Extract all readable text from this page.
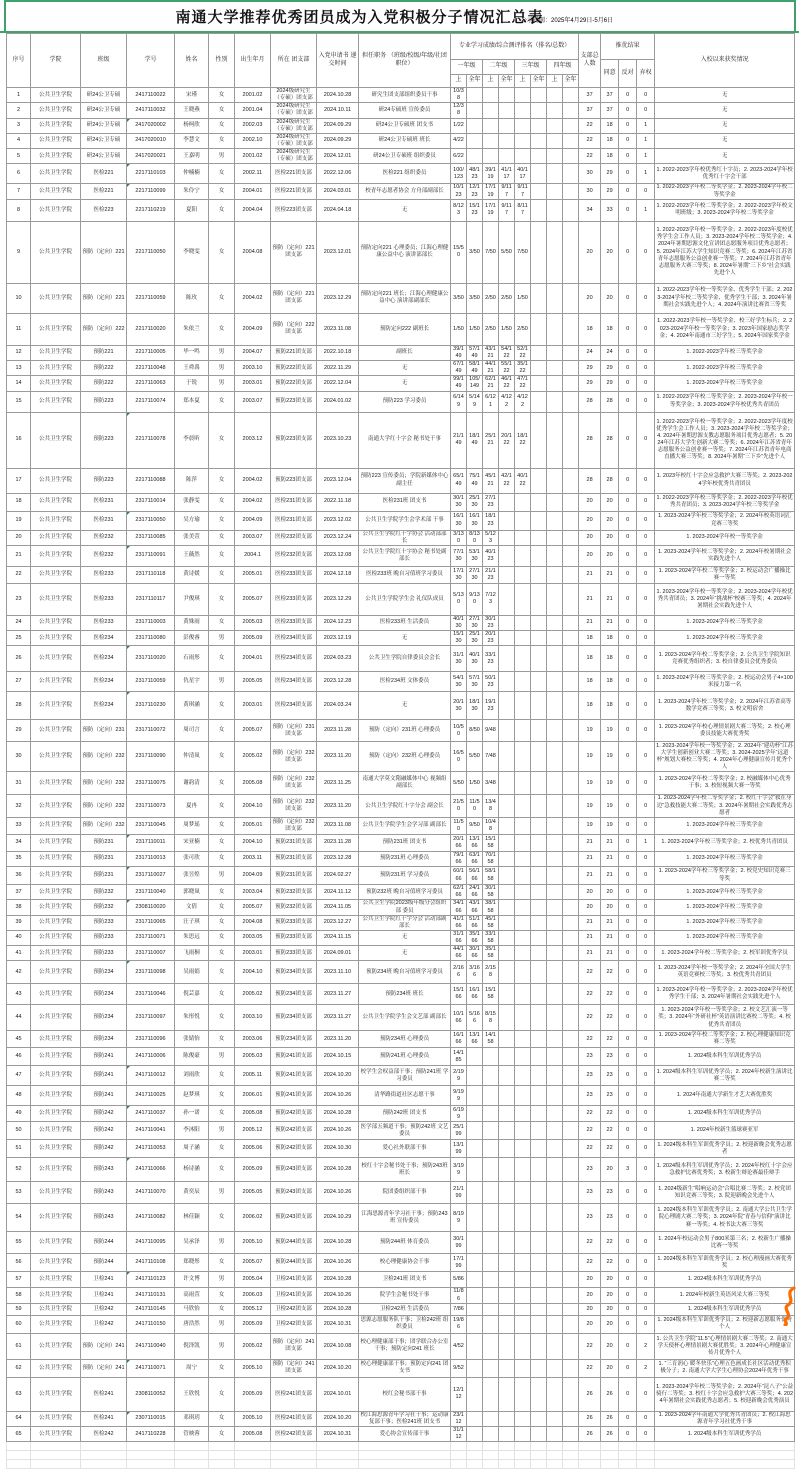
南通大学推荐优秀团员成为入党积极分子情况汇总表
公示时间：2025年4月29日-5月6日
序号	学院	班级	学号	姓名	性别	出生年月	所在 团支部	入党申请书 递交时间	担任职务 （班级/校级/年级/社团 职位）	专业学习成绩/综合测评排名（排名/总数）								支部总 人数	推优结果			入校以来获奖情况
										一年级		二年级		三年级		四年级			同意	反对	弃权	
										上	全年	上	全年	上	全年	上	全年					
1	公共卫生学院	研24公卫专硕	2417110022	宋瑾	女	2001.02	2024级研究生（专硕）团支部	2024.10.28	研究生团支部组织委员干事	10/38								37	37	0	0	无
2	公共卫生学院	研24公卫专硕	2417110032	王晓燕	女	2001.04	2024级研究生（专硕）团支部	2024.10.11	研24专硕班 宣传委员	12/38								37	37	0	0	无
3	公共卫生学院	研24公卫专硕	2417020002	杨柯欣	女	2002.03	2024级研究生（专硕）团支部	2024.09.29	研24公卫专硕班 团支书	1/22								22	18	0	1	无
4	公共卫生学院	研24公卫专硕	2417020010	李慧文	女	2002.10	2024级研究生（专硕）团支部	2024.09.29	研24公卫专硕班 班长	4/22								22	18	0	1	无
5	公共卫生学院	研24公卫专硕	2417020021	王嘉明	男	2001.02	2024级研究生（专硕）团支部	2024.12.01	研24公卫专硕班 组织委员	6/22								22	18	0	1	无
6	公共卫生学院	医检221	2217110103	仲楠楠	女	2002.11	医检221团支部	2022.12.06	医检221 组织委员	100/123	48/123	39/119	41/117	40/117				30	29	0	1	1. 2022-2023学年校优秀红十字员；2. 2023-2024学年校优秀红十字会干部
7	公共卫生学院	医检221	2217110099	朱伶宁	女	2004.01	医检221团支部	2024.03.01	校青年志愿者协会 方舟部副部长	10/123	12/123	17/119	9/117	9/117				30	29	0	0	1. 2022-2023学年校二等奖学金；2. 2023-2024学年校二等奖学金
8	公共卫生学院	医检223	2217110219	夏阳	女	2004.04	医检223团支部	2024.04.18	无	8/123	15/123	17/119	9/117	8/117				34	33	0	1	1. 2022-2023学年校二等奖学金；2. 2022-2023学年校文明班级；3. 2023-2024学年校二等奖学金
9	公共卫生学院	预防（定向）221	2217110050	李晓雯	女	2004.08	预防（定向）221团支部	2023.12.01	预防定向221 心理委员；江海心理健康公益中心 演讲部部长	15/50	3/50	7/50	5/50	7/50				20	20	0	0	1. 2022-2023学年校一等奖学金；2. 2022-2023年度校优秀学生会工作人员；3. 2023-2024学年校二等奖学金；4. 2024年暑期思源文化宣讲团志愿服务项目优秀志愿者；5. 2024年江苏大学生知识竞赛二等奖；6. 2024年江苏省青年志愿服务公益创业赛一等奖；7. 2024年江苏省青年志愿服务大赛三等奖；8. 2024年暑期“三下乡”社会实践先进个人
10	公共卫生学院	预防（定向）221	2217110059	陈玫	女	2004.02	预防（定向）221团支部	2023.12.29	预防定向221 班长；江海心理健康公益中心 演讲部副部长	3/50	3/50	2/50	2/50	1/50				20	20	0	0	1. 2022-2023学年校一等奖学金、优秀学生干部；2. 2023-2024学年校二等奖学金、优秀学生干部；3. 2024年暑期社会实践先进个人；4. 2024年演讲比赛省三等奖
11	公共卫生学院	预防（定向）222	2217110020	朱依兰	女	2004.09	预防（定向）222团支部	2023.11.08	预防定向222 副班长	1/50	1/50	2/50	1/50	2/50				18	18	0	0	1. 2022-2023学年校一等奖学金、校三好学生标兵；2. 2023-2024学年校一等奖学金；3. 2023年国家励志奖学金；4. 2024年南通市三好学生；5. 2024年国家奖学金
12	公共卫生学院	预防221	2217110005	毕一鸣	男	2004.07	预防221团支部	2022.10.18	副班长	39/149	57/149	43/121	54/122	52/122				24	24	0	0	1. 2022-2023学年校三等奖学金
13	公共卫生学院	预防222	2217110048	王舜禹	男	2003.10	预防222团支部	2022.11.29	无	67/149	58/149	44/121	55/122	35/122				29	29	0	0	1. 2022-2023学年校三等奖学金
14	公共卫生学院	预防222	2217110063	于锐	男	2003.01	预防222团支部	2022.12.04	无	99/149	105/149	62/121	46/122	47/122				29	29	0	0	1. 2023-2024学年校三等奖学金
15	公共卫生学院	预防223	2217110074	郑本夏	女	2003.07	预防223团支部	2024.01.02	预防223 学习委员	6/149	5/149	6/121	4/122	4/122				28	28	0	0	1. 2022-2023学年校二等奖学金；2. 2023-2024学年校一等奖学金；3. 2023-2024学年校优秀共青团员
16	公共卫生学院	预防223	2217110078	李晨昕	女	2003.12	预防223团支部	2023.10.23	南通大学红十字会 秘书处干事	21/149	18/149	25/121	20/122	18/122				28	28	0	0	1. 2022-2023学年校一等奖学金；2. 2022-2023学年度校优秀学生会工作人员；3. 2023-2024学年校二等奖学金；4. 2024年暑期思源支教志愿服务项目优秀志愿者；5. 2024年江苏大学生创新大赛二等奖；6. 2024年江苏省青年志愿服务公益创业赛一等奖；7. 2024年江苏省青年电商直播大赛三等奖；8. 2024年暑期“三下乡”先进个人
17	公共卫生学院	预防223	2217110088	陈萍	女	2004.02	预防223团支部	2023.12.04	预防223 宣传委员；学院新媒体中心 副主任	65/149	75/149	45/121	42/122	40/122				28	28	0	0	1. 2023年校红十字会应急救护大赛三等奖；2. 2023-2024学年校优秀共青团员
18	公共卫生学院	医检231	2317110014	张静雯	女	2004.02	医检231团支部	2022.11.18	医检231班 团支书	30/130	25/130	27/123						20	20	0	0	1. 2022-2023学年校三等奖学金；2. 2022-2023学年校优秀共青团员；3. 2023-2024学年校三等奖学金
19	公共卫生学院	医检231	2317110050	吴方瑜	女	2004.09	医检231团支部	2023.12.02	公共卫生学院学生会学术部 干事	16/130	16/130	18/123						20	20	0	0	1. 2023-2024学年校三等奖学金；2. 2024年校英语词汇竞赛三等奖
20	公共卫生学院	医检232	2317110085	张美萱	女	2003.07	医检232团支部	2023.12.24	公共卫生学院红十字协会 活动部部长	3/130	8/130	5/123						20	20	0	0	1. 2023-2024学年校一等奖学金
21	公共卫生学院	医检232	2317110091	王薇然	女	2004.1	医检232团支部	2023.12.08	公共卫生学院红十字协会 秘书处副部长	77/130	53/130	40/123						20	20	0	0	1. 2023-2024学年校二等奖学金；2. 2024年校暑期社会实践先进个人
22	公共卫生学院	医检233	2317110118	黄诗媛	女	2005.01	医检233团支部	2024.12.18	医检233班 晚自习值班学习委员	17/130	27/130	21/123						21	21	0	0	1. 2023-2024学年校二等奖学金；2. 校运动会广播操比赛一等奖
23	公共卫生学院	医检233	2317110117	尹俊琪	女	2005.07	医检233团支部	2023.12.29	公共卫生学院学生会 礼仪队成员	5/130	9/130	7/123						21	21	0	0	1. 2023-2024学年校一等奖学金；2. 2023-2024学年校优秀共青团员；3. 2024年“挑战杯”校赛三等奖；4. 2024年暑期社会实践先进个人
24	公共卫生学院	医检233	2317110003	黄姝雨	女	2005.03	医检233团支部	2024.12.23	医检233班 生活委员	40/130	27/130	30/123						21	21	0	0	1. 2023-2024学年校三等奖学金
25	公共卫生学院	医检234	2317110080	彭俊睿	男	2005.09	医检234团支部	2023.12.19	无	15/130	25/130	20/123						18	18	0	0	1. 2023-2024学年校三等奖学金
26	公共卫生学院	医检234	2317110020	石雨彤	女	2004.01	医检234团支部	2024.03.23	公共卫生学院自律委员会会长	31/130	40/130	33/123						18	18	0	0	1. 2023-2024学年校二等奖学金；2. 公共卫生学院知识竞赛优秀组织者；3. 校自律委员会优秀委员
27	公共卫生学院	医检234	2317110059	仇星宇	男	2005.05	医检234团支部	2023.12.28	医检234班 文体委员	54/130	57/130	50/123						18	18	0	0	1. 2023-2024学年校三等奖学金；2. 校运动会男子4×100米接力第一名
28	公共卫生学院	医检234	2317110230	黄琪涵	女	2003.01	医检234团支部	2024.03.24	无	20/130	18/130	19/123						18	18	0	0	1. 2023-2024学年校二等奖学金；2. 2024年江苏省高等数学竞赛三等奖；3. 校文明宿舍
29	公共卫生学院	预防（定向）231	2317110072	周司言	女	2005.07	预防（定向）231团支部	2023.11.28	预防（定向）231班 心理委员	10/50	8/50	9/48						19	19	0	0	1. 2023-2024学年校心理情景剧大赛二等奖；2. 校心理委员技能大赛优秀奖
30	公共卫生学院	预防（定向）232	2317110090	仲清岚	女	2005.02	预防（定向）232团支部	2023.11.20	预防（定向）232班 心理委员	16/50	5/50	7/48						19	19	0	0	1. 2023-2024学年校一等奖学金；2. 2024年“建功杯”江苏大学生创新创业大赛二等奖；3. 2024-2025学年“远道杯”规划大赛校三等奖；4. 2024年心理健康宣传月优秀个人
31	公共卫生学院	预防（定向）232	2317110075	谢韵清	女	2005.08	预防（定向）232团支部	2023.11.25	南通大学莫文隋融媒体中心 视频组副部长	5/50	1/50	3/48						19	19	0	0	1. 2023-2024学年校二等奖学金；2. 校融媒体中心优秀干事；3. 校短视频大赛一等奖
32	公共卫生学院	预防（定向）232	2317110073	夏冉	女	2004.10	预防（定向）232团支部	2023.11.20	公共卫生学院红十字分会 副会长	21/50	11/50	13/48						19	19	0	0	1. 2023-2024学年校二等奖学金；2. 校红十字会“救在身边”急救技能大赛二等奖；3. 2024年暑期社会实践优秀志愿者
33	公共卫生学院	预防（定向）232	2317110045	周梦瑶	女	2005.01	预防（定向）232团支部	2023.11.08	公共卫生学院学生会学习部 副部长	11/50	9/50	10/48						19	19	0	0	1. 2023-2024学年校三等奖学金
34	公共卫生学院	预防231	2317110011	宋亚楠	女	2004.10	预防231团支部	2023.11.28	预防231班 团支书	20/166	13/166	15/158						21	21	0	1	1. 2023-2024学年校三等奖学金；2. 校优秀共青团员
35	公共卫生学院	预防231	2317110013	张可欣	女	2003.11	预防231团支部	2023.12.28	预防231班 心理委员	79/166	63/166	70/158						21	21	0	0	1. 2023-2024学年校三等奖学金
36	公共卫生学院	预防231	2317110027	张昱煌	男	2004.09	预防231团支部	2024.02.27	预防231班 学习委员	60/166	56/166	58/158						21	21	0	0	1. 2023-2024学年校三等奖学金；2. 校党史知识竞赛三等奖
37	公共卫生学院	预防232	2317110040	郭晓岚	女	2003.04	预防232团支部	2024.11.12	预防232班 晚自习值班学习委员	62/166	24/166	30/158						20	20	0	0	1. 2023-2024学年校三等奖学金
38	公共卫生学院	预防232	2308110020	文倩	女	2005.07	预防232团支部	2024.11.05	公共卫生学院2023级年级分会组织部 委员	34/166	43/166	38/158						20	20	0	0	1. 2023-2024学年校二等奖学金
39	公共卫生学院	预防233	2317110065	汪子琪	女	2004.08	预防233团支部	2023.12.27	公共卫生学院红十字分会 活动部副部长	41/166	51/166	45/158						21	21	0	0	1. 2023-2024学年校三等奖学金
40	公共卫生学院	预防233	2317110071	朱思远	女	2003.05	预防233团支部	2024.11.15	无	31/166	35/166	33/158						21	21	0	0	1. 2023-2024学年校三等奖学金
41	公共卫生学院	预防233	2317110007	飞雨桐	女	2003.01	预防233团支部	2024.09.01	无	44/166	30/166	35/158						21	21	0	0	1. 2023-2024学年校二等奖学金；2. 校军训优秀学员
42	公共卫生学院	预防234	2317110098	吴雨娟	女	2004.10	预防234团支部	2023.11.10	预防234班 晚自习值班学习委员	2/166	3/166	2/158						22	22	0	0	1. 2023-2024学年校一等奖学金；2. 2024年全国大学生英语竞赛校三等奖；3. 校优秀共青团员
43	公共卫生学院	预防234	2317110046	倪芸嘉	女	2005.02	预防234团支部	2023.11.27	预防234班 班长	15/166	16/166	15/158						22	22	0	0	1. 2023-2024学年校一等奖学金；2. 2023-2024学年校优秀学生干部；3. 2024年暑期社会实践先进个人
44	公共卫生学院	预防234	2317110097	朱彤悦	女	2003.10	预防234团支部	2023.11.27	公共卫生学院学生会文艺部 副部长	10/166	5/166	8/158						22	22	0	0	1. 2023-2024学年校一等奖学金；2. 校文艺汇演一等奖；3. 2024年“外研社杯”英语演讲比赛校二等奖；4. 校优秀共青团员
45	公共卫生学院	预防234	2317110096	张婧怡	女	2003.06	预防234团支部	2023.11.20	预防234班 心理委员	16/166	13/166	14/158						22	22	0	0	1. 2023-2024学年校二等奖学金；2. 校心理健康知识竞赛二等奖
46	公共卫生学院	预防241	2417110006	陈俊豪	男	2005.03	预防241团支部	2024.10.15	预防241班 心理委员	14/185								23	23	0	0	1. 2024级本科生军训优秀学员
47	公共卫生学院	预防241	2417110012	刘雨欣	女	2005.11	预防241团支部	2024.10.20	校学生会权益部干事；预防241班 学习委员	2/199								23	23	0	0	1. 2024级本科生军训优秀学员；2. 2024年校新生演讲比赛二等奖
48	公共卫生学院	预防241	2417110025	赵梦琪	女	2006.01	预防241团支部	2024.10.26	清华路街道社区志愿干事	9/199								23	23	0	0	1. 2024年南通大学新生才艺大赛优胜奖
49	公共卫生学院	预防242	2417110037	孙一诺	女	2005.08	预防242团支部	2024.10.28	预防242班 团支书	6/199								22	22	0	0	1. 2024级本科生军训优秀学员
50	公共卫生学院	预防242	2417110041	李沐阳	男	2005.12	预防242团支部	2024.10.26	医学部五频道干事；预防242班 文艺委员	25/199								22	22	0	0	1. 2024年校新生篮球赛亚军
51	公共卫生学院	预防242	2417110053	周子涵	女	2005.06	预防242团支部	2024.10.30	爱心社外联部干事	13/199								22	22	0	0	1. 2024级本科生军训优秀学员；2. 校迎新晚会优秀志愿者
52	公共卫生学院	预防243	2417110066	杨诗涵	女	2005.09	预防243团支部	2024.10.28	校红十字会秘书处干事；预防243班 班长	3/199								23	20	3	0	1. 2024级本科生军训优秀学员；2. 2024年校红十字会应急救护比赛优秀奖；3. 校新生辩论赛最佳辩手
53	公共卫生学院	预防243	2417110070	黄奕辰	男	2005.05	预防243团支部	2024.10.26	院团委组织部干事	21/199								23	23	0	0	1. 2024级新生“唱响运动会”合唱比赛二等奖；2. 校党团知识竞赛三等奖；3. 院迎新晚会先进个人
54	公共卫生学院	预防243	2417110082	林佳颖	女	2006.02	预防243团支部	2024.10.29	江海思源青年学习社干事；预防243班 宣传委员	8/199								23	23	0	0	1. 2024级本科生军训优秀学员；2. 南通大学公共卫生学院心理剧大赛二等奖；3. 2024年院“青春与信仰”演讲比赛一等奖；4. 校书法大赛三等奖
55	公共卫生学院	预防244	2417110095	吴承泽	男	2005.10	预防244团支部	2024.10.28	预防244班 体育委员	30/199								22	22	0	0	1. 2024年校运动会男子800米第三名；2. 校新生广播操比赛一等奖
56	公共卫生学院	预防244	2417110108	郑晓彤	女	2005.07	预防244团支部	2024.10.26	校心理健康协会干事	17/199								22	22	0	0	1. 2024级本科生军训优秀学员；2. 校心理漫画大赛优秀奖
57	公共卫生学院	卫检241	2417110123	许文博	男	2005.04	卫检241团支部	2024.10.28	卫检241班 团支书	5/86								20	20	0	0	1. 2024级本科生军训优秀学员
58	公共卫生学院	卫检241	2417110131	高雨萱	女	2006.03	卫检241团支部	2024.10.26	院学生会秘书处干事	11/86								20	20	0	0	1. 2024年校新生英语风采大赛三等奖
59	公共卫生学院	卫检242	2417110145	马欣怡	女	2005.12	卫检242团支部	2024.10.28	卫检242班 生活委员	7/86								20	20	0	0	1. 2024级本科生军训优秀学员
60	公共卫生学院	卫检242	2417110150	唐浩然	男	2005.09	卫检242团支部	2024.10.31	思源志愿服务队干事；卫检242班 组织委员	19/86								20	20	0	0	1. 2024级本科生军训优秀学员；2. 校迎新志愿服务优秀个人
61	公共卫生学院	预防（定向）241	2417110040	倪泽凯	男	2005.02	预防（定向）241团支部	2024.10.08	校心理健康部干事；团学联合办公室干事；预防定向241 班长	4/52								22	20	0	2	1. 公共卫生学院“11.5”心理情景剧大赛二等奖；2. 南通大学天使杯心理情景剧大赛优胜奖；3. 2024年心理健康宣传月优秀个人
62	公共卫生学院	预防（定向）241	2417110071	周宁	女	2005.10	预防（定向）241团支部	2024.10.20	校心理健康部干事；预防定向241 团支书	9/52								22	20	0	2	1. “三育润心 暖冬快乐”心理五色画成长社区活动优秀积极分子；2. 南通大学大学生心理协会2024年优秀干事
63	公共卫生学院	医检241	2308110052	王欣悦	女	2005.09	医检241团支部	2024.10.01	校红会秘书部干事	12/112								26	26	0	0	1. 2023-2024学年校二等奖学金；2. 2024年“昆八子”公益骑行二等奖；3. 校红十字会应急救护大赛三等奖；4. 2024年暑期社会实践优秀志愿者；5. 校迎新晚会优秀演员
64	公共卫生学院	医检241	2307110015	邓琪玥	女	2005.10	医检241团支部	2024.10.20	校江海思源青年学习社干事；运动康复部干事；医检241班 团支书	23/112								26	26	0	0	1. 2023-2024学年南通大学优秀共青团员；2. 校江海思源青年学习社优秀干事
65	公共卫生学院	医检242	2417110228	管映蓉	女	2005.08	医检242团支部	2024.10.31	爱心协会宣传部干事	31/112								26	26	0	0	1. 2024级本科生军训优秀学员
